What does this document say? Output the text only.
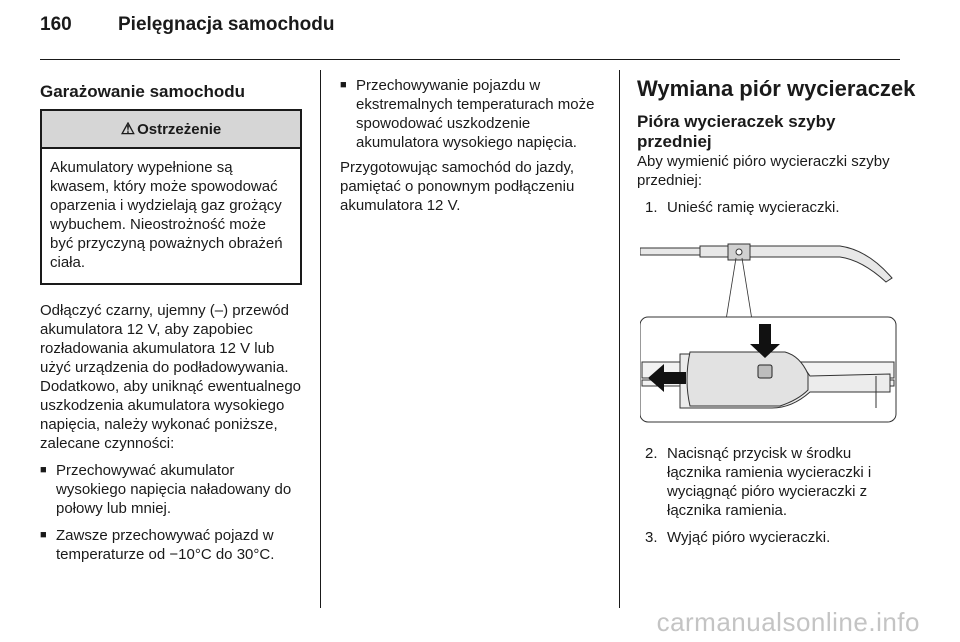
160 Pielęgnacja samochodu
Garażowanie samochodu
⚠ Ostrzeżenie
Akumulatory wypełnione są kwasem, który może spowodować oparzenia i wydzielają gaz grożący wybuchem. Nieostrożność może być przyczyną poważnych obrażeń ciała.

Odłączyć czarny, ujemny (–) przewód akumulatora 12 V, aby zapobiec rozładowania akumulatora 12 V lub użyć urządzenia do podładowywania. Dodatkowo, aby uniknąć ewentualnego uszkodzenia akumulatora wysokiego napięcia, należy wykonać poniższe, zalecane czynności:

■ Przechowywać akumulator wysokiego napięcia naładowany do połowy lub mniej.
■ Zawsze przechowywać pojazd w temperaturze od −10°C do 30°C.
■ Przechowywanie pojazdu w ekstremalnych temperaturach może spowodować uszkodzenie akumulatora wysokiego napięcia.

Przygotowując samochód do jazdy, pamiętać o ponownym podłączeniu akumulatora 12 V.

Wymiana piór wycieraczek
Pióra wycieraczek szyby przedniej

Aby wymienić pióro wycieraczki szyby przedniej:

1. Unieść ramię wycieraczki.
2. Nacisnąć przycisk w środku łącznika ramienia wycieraczki i wyciągnąć pióro wycieraczki z łącznika ramienia.
3. Wyjąć pióro wycieraczki.
carmanualsonline.info
